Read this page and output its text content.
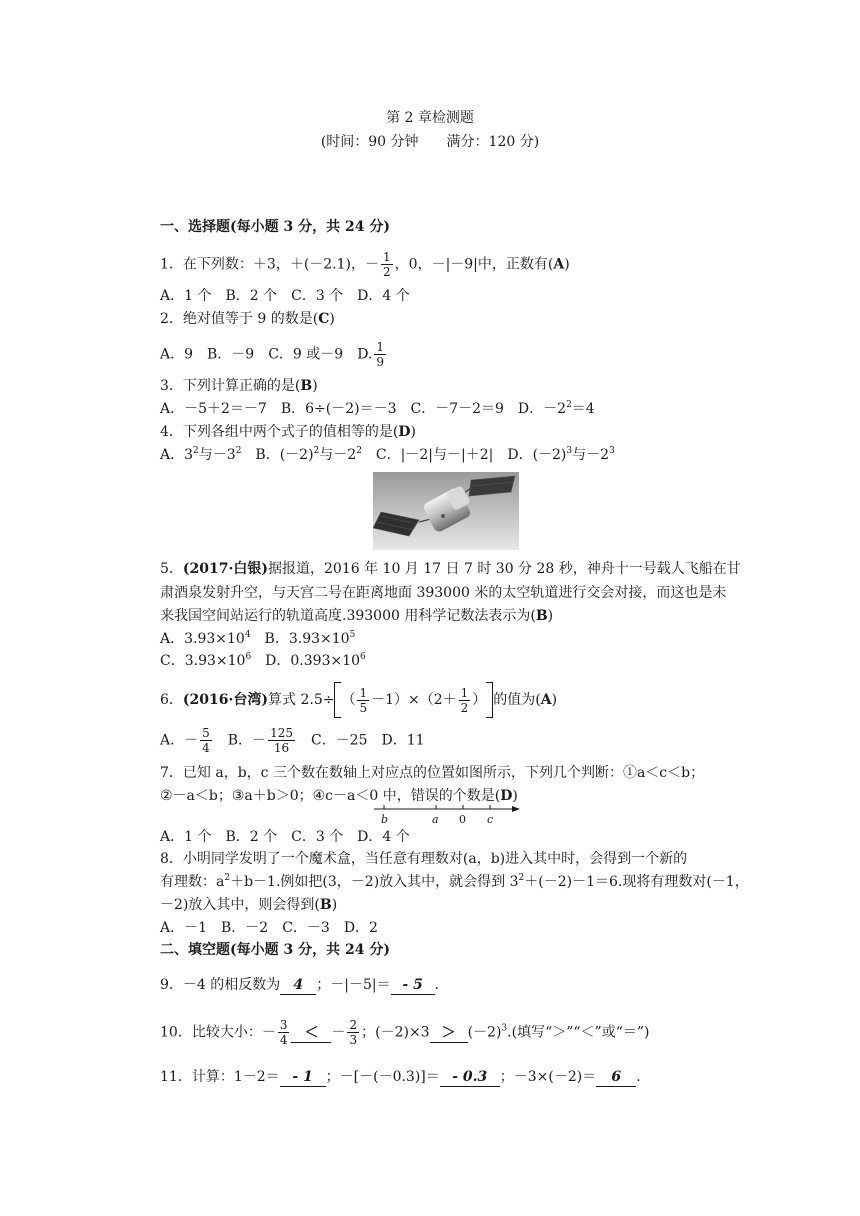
第 2 章检测题
(时间：90 分钟　　满分：120 分)
一、选择题(每小题 3 分，共 24 分)
1．在下列数：＋3，＋(－2.1)，－ $\frac{1}{2}$ ，0，－|－9|中，正数有(A)
A．1 个　B．2 个　C．3 个　D．4 个
2．绝对值等于 9 的数是(C)
A．9　B．－9　C．9 或－9　D. $\frac{1}{9}$
3．下列计算正确的是(B)
A．－5＋2＝－7　B．6÷(－2)＝－3　C．－7－2＝9　D．$-2^2=4$
4．下列各组中两个式子的值相等的是(D)
A．$3^2$与$-3^2$　B．$(-2)^2$与$-2^2$　C．|－2|与－|＋2|　D．$(-2)^3$与$-2^3$
5．(2017·白银)据报道，2016 年 10 月 17 日 7 时 30 分 28 秒，神舟十一号载人飞船在甘
肃酒泉发射升空，与天宫二号在距离地面 393000 米的太空轨道进行交会对接，而这也是未
来我国空间站运行的轨道高度.393000 用科学记数法表示为(B)
A．$3.93\times 10^4$　B．$3.93\times 10^5$
C．$3.93\times 10^6$　D．$0.393\times 10^6$
6．(2016·台湾)算式 2.5÷ （ $\frac{1}{5} -1)\times(2+ \frac{1}{2}$ ） 的值为(A)
A．－ $\frac{5}{4}$ 　B．－ $\frac{125}{16}$ 　C．－25　D．11
7．已知 a，b，c 三个数在数轴上对应点的位置如图所示，下列几个判断：①a＜c＜b；
②－a＜b；③a＋b＞0；④c－a＜0 中，错误的个数是(D)
b	a 0 c
A．1 个　B．2 个　C．3 个　D．4 个
8．小明同学发明了一个魔术盒，当任意有理数对(a，b)进入其中时，会得到一个新的
有理数：$a^2+b-1$.例如把(3，－2)放入其中，就会得到 $3^2+(-2)-1=6$.现将有理数对(－1，
－2)放入其中，则会得到(B)
A．－1　B．－2　C．－3　D．2
二、填空题(每小题 3 分，共 24 分)
9．－4 的相反数为 4 ；－|－5|＝ - 5 .
10．比较大小：－ $\frac{3}{4}$ ＜ － $\frac{2}{3}$ ；$(-2)\times 3 > (-2)^3$.(填写“＞”“＜”或“＝”)
11．计算：1－2＝ - 1 ；－[－(－0.3)]＝ - 0.3 ；－3×(－2)＝ 6 .
